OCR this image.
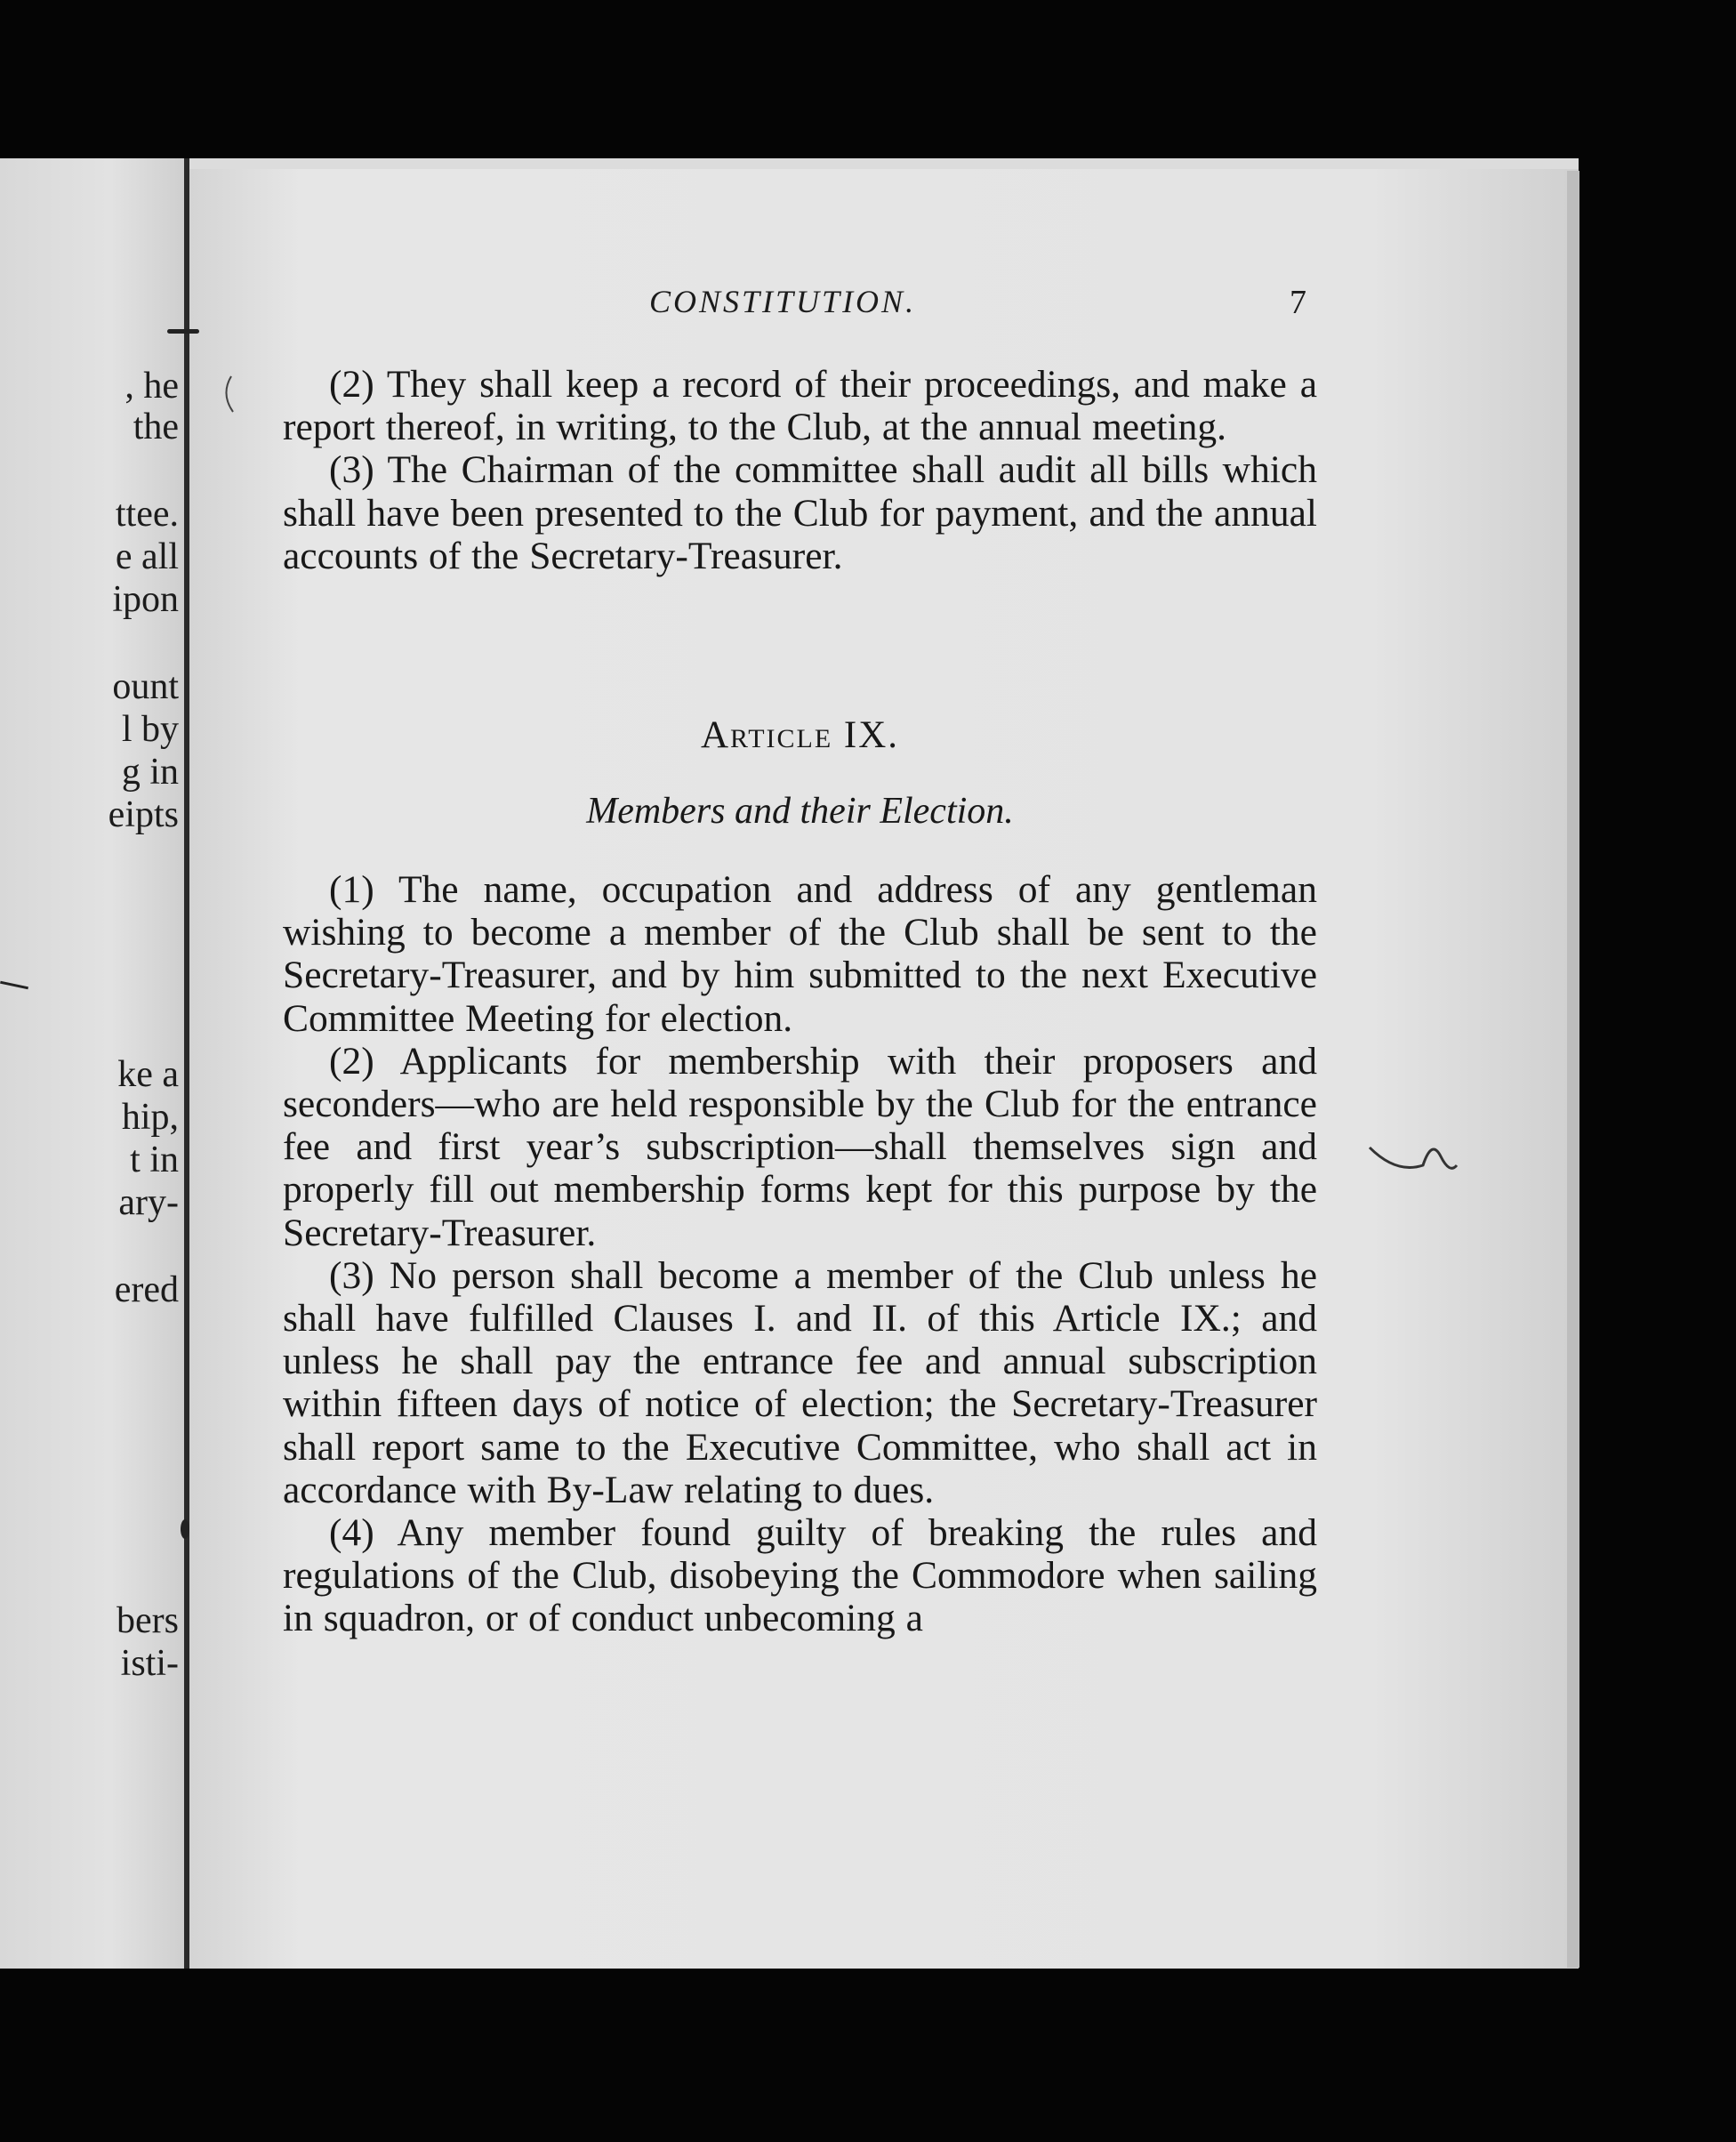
, he
the
ttee.
e all
ipon
ount
l by
g in
eipts
ke a
hip,
t in
ary-
ered
bers
isti-
CONSTITUTION.	7

(2) They shall keep a record of their proceedings, and make a report thereof, in writing, to the Club, at the annual meeting.

(3) The Chairman of the committee shall audit all bills which shall have been presented to the Club for payment, and the annual accounts of the Secretary-Treasurer.

Article IX.
Members and their Election.

(1) The name, occupation and address of any gentleman wishing to become a member of the Club shall be sent to the Secretary-Treasurer, and by him submitted to the next Executive Committee Meeting for election.

(2) Applicants for membership with their proposers and seconders—who are held responsible by the Club for the entrance fee and first year’s subscription—shall themselves sign and properly fill out membership forms kept for this purpose by the Secretary-Treasurer.

(3) No person shall become a member of the Club unless he shall have fulfilled Clauses I. and II. of this Article IX.; and unless he shall pay the entrance fee and annual subscription within fifteen days of notice of election; the Secretary-Treasurer shall report same to the Executive Committee, who shall act in accordance with By-Law relating to dues.

(4) Any member found guilty of breaking the rules and regulations of the Club, disobeying the Commodore when sailing in squadron, or of conduct unbecoming a
